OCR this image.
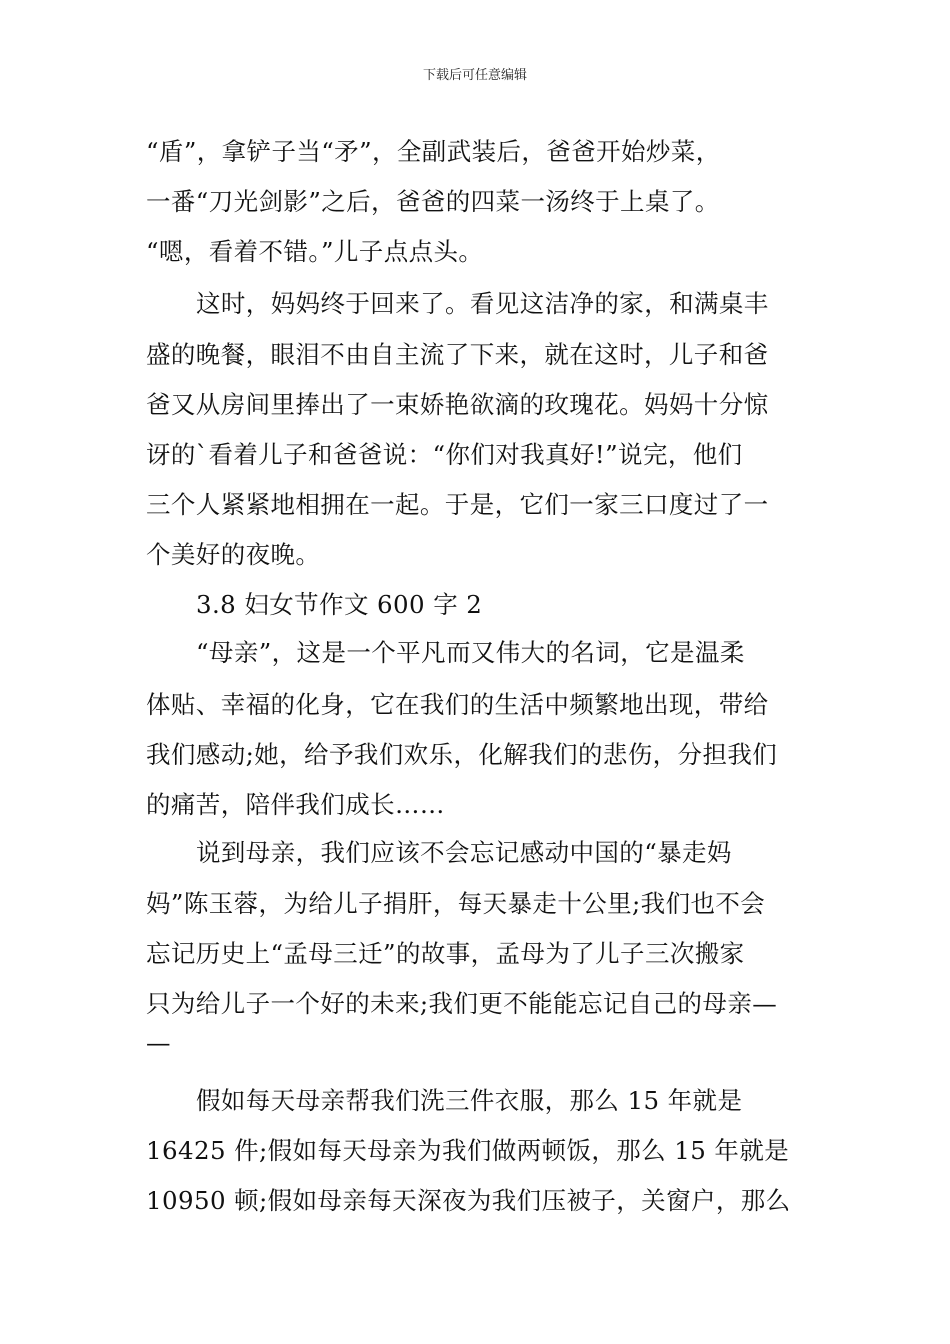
下载后可任意编辑
“盾”，拿铲子当“矛”，全副武装后，爸爸开始炒菜，
一番“刀光剑影”之后，爸爸的四菜一汤终于上桌了。
“嗯，看着不错。”儿子点点头。
这时，妈妈终于回来了。看见这洁净的家，和满桌丰
盛的晚餐，眼泪不由自主流了下来，就在这时，儿子和爸
爸又从房间里捧出了一束娇艳欲滴的玫瑰花。妈妈十分惊
讶的`看着儿子和爸爸说：“你们对我真好!”说完，他们
三个人紧紧地相拥在一起。于是，它们一家三口度过了一
个美好的夜晚。
3.8 妇女节作文 600 字 2
“母亲”，这是一个平凡而又伟大的名词，它是温柔
体贴、幸福的化身，它在我们的生活中频繁地出现，带给
我们感动;她，给予我们欢乐，化解我们的悲伤，分担我们
的痛苦，陪伴我们成长……
说到母亲，我们应该不会忘记感动中国的“暴走妈
妈”陈玉蓉，为给儿子捐肝，每天暴走十公里;我们也不会
忘记历史上“孟母三迁”的故事，孟母为了儿子三次搬家
只为给儿子一个好的未来;我们更不能能忘记自己的母亲—
—
假如每天母亲帮我们洗三件衣服，那么 15 年就是
16425 件;假如每天母亲为我们做两顿饭，那么 15 年就是
10950 顿;假如母亲每天深夜为我们压被子，关窗户，那么
